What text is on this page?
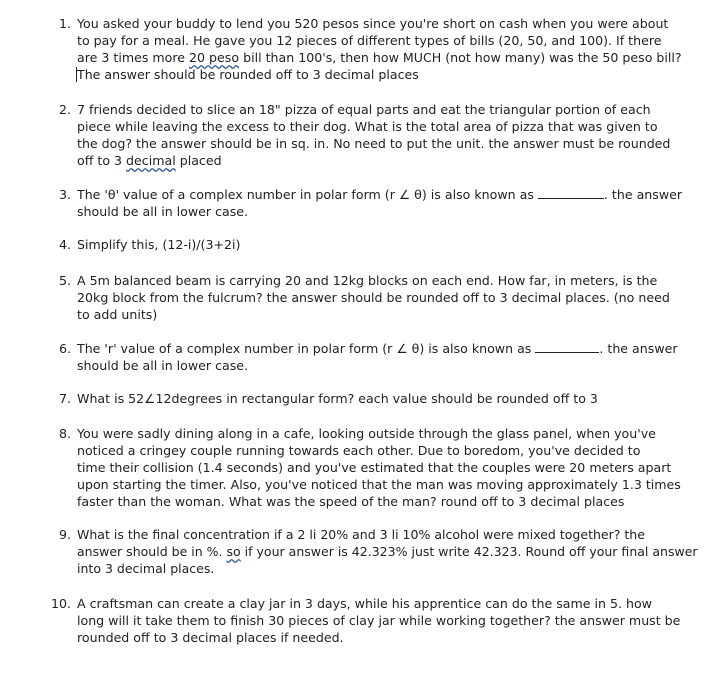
1. You asked your buddy to lend you 520 pesos since you're short on cash when you were about
to pay for a meal. He gave you 12 pieces of different types of bills (20, 50, and 100). If there
are 3 times more 20 peso bill than 100's, then how MUCH (not how many) was the 50 peso bill?
The answer should be rounded off to 3 decimal places
2. 7 friends decided to slice an 18" pizza of equal parts and eat the triangular portion of each
piece while leaving the excess to their dog. What is the total area of pizza that was given to
the dog? the answer should be in sq. in. No need to put the unit. the answer must be rounded
off to 3 decimal placed
3. The 'θ' value of a complex number in polar form (r ∠ θ) is also known as	. the answer
should be all in lower case.
4. Simplify this, (12-i)/(3+2i)
5. A 5m balanced beam is carrying 20 and 12kg blocks on each end. How far, in meters, is the
20kg block from the fulcrum? the answer should be rounded off to 3 decimal places. (no need
to add units)
6. The 'r' value of a complex number in polar form (r ∠ θ) is also known as	. the answer
should be all in lower case.
7. What is 52∠12degrees in rectangular form? each value should be rounded off to 3
8. You were sadly dining along in a cafe, looking outside through the glass panel, when you've
noticed a cringey couple running towards each other. Due to boredom, you've decided to
time their collision (1.4 seconds) and you've estimated that the couples were 20 meters apart
upon starting the timer. Also, you've noticed that the man was moving approximately 1.3 times
faster than the woman. What was the speed of the man? round off to 3 decimal places
9. What is the final concentration if a 2 li 20% and 3 li 10% alcohol were mixed together? the
answer should be in %. so if your answer is 42.323% just write 42.323. Round off your final answer
into 3 decimal places.
10. A craftsman can create a clay jar in 3 days, while his apprentice can do the same in 5. how
long will it take them to finish 30 pieces of clay jar while working together? the answer must be
rounded off to 3 decimal places if needed.
